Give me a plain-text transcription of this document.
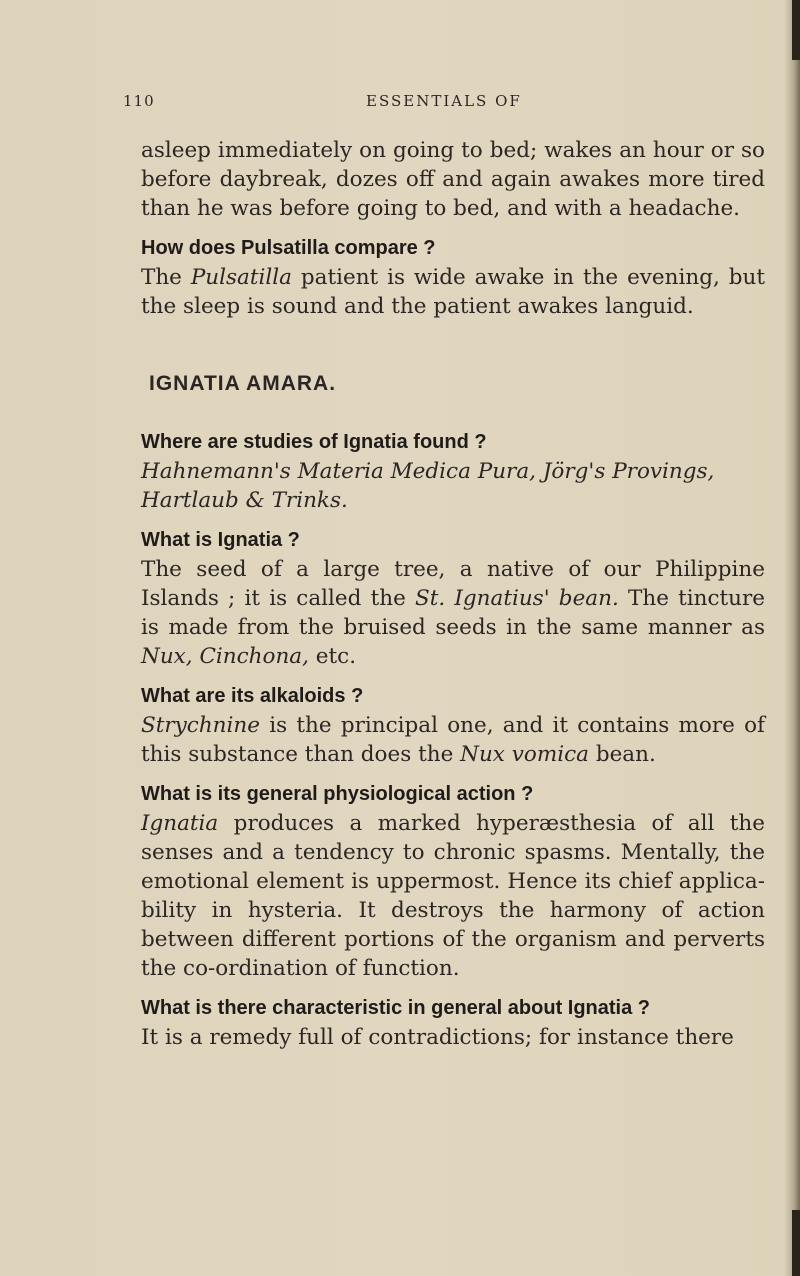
110	ESSENTIALS OF

asleep immediately on going to bed; wakes an hour or so before daybreak, dozes off and again awakes more tired than he was before going to bed, and with a headache.

How does Pulsatilla compare ?

The Pulsatilla patient is wide awake in the evening, but the sleep is sound and the patient awakes languid.

IGNATIA AMARA.

Where are studies of Ignatia found ?

Hahnemann's Materia Medica Pura, Jörg's Provings,
Hartlaub & Trinks.

What is Ignatia ?

The seed of a large tree, a native of our Philippine Islands ; it is called the St. Ignatius' bean. The tincture is made from the bruised seeds in the same manner as Nux, Cinchona, etc.

What are its alkaloids ?

Strychnine is the principal one, and it contains more of this substance than does the Nux vomica bean.

What is its general physiological action ?

Ignatia produces a marked hyperæsthesia of all the senses and a tendency to chronic spasms. Mentally, the emotional element is uppermost. Hence its chief applica- bility in hysteria. It destroys the harmony of action between different portions of the organism and perverts the co-ordination of function.

What is there characteristic in general about Ignatia ?

It is a remedy full of contradictions; for instance there
